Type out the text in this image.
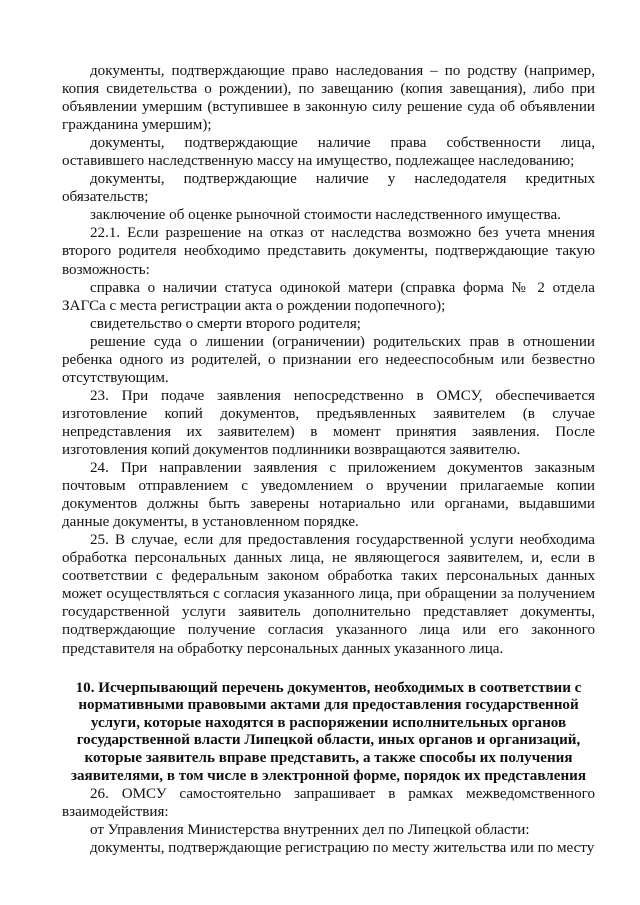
документы, подтверждающие право наследования – по родству (например, копия свидетельства о рождении), по завещанию (копия завещания), либо при объявлении умершим (вступившее в законную силу решение суда об объявлении гражданина умершим);

документы, подтверждающие наличие права собственности лица, оставившего наследственную массу на имущество, подлежащее наследованию;

документы, подтверждающие наличие у наследодателя кредитных обязательств;

заключение об оценке рыночной стоимости наследственного имущества.

22.1. Если разрешение на отказ от наследства возможно без учета мнения второго родителя необходимо представить документы, подтверждающие такую возможность:

справка о наличии статуса одинокой матери (справка форма № 2 отдела ЗАГСа с места регистрации акта о рождении подопечного);

свидетельство о смерти второго родителя;

решение суда о лишении (ограничении) родительских прав в отношении ребенка одного из родителей, о признании его недееспособным или безвестно отсутствующим.

23. При подаче заявления непосредственно в ОМСУ, обеспечивается изготовление копий документов, предъявленных заявителем (в случае непредставления их заявителем) в момент принятия заявления. После изготовления копий документов подлинники возвращаются заявителю.

24. При направлении заявления с приложением документов заказным почтовым отправлением с уведомлением о вручении прилагаемые копии документов должны быть заверены нотариально или органами, выдавшими данные документы, в установленном порядке.

25. В случае, если для предоставления государственной услуги необходима обработка персональных данных лица, не являющегося заявителем, и, если в соответствии с федеральным законом обработка таких персональных данных может осуществляться с согласия указанного лица, при обращении за получением государственной услуги заявитель дополнительно представляет документы, подтверждающие получение согласия указанного лица или его законного представителя на обработку персональных данных указанного лица.

10. Исчерпывающий перечень документов, необходимых в соответствии с нормативными правовыми актами для предоставления государственной услуги, которые находятся в распоряжении исполнительных органов государственной власти Липецкой области, иных органов и организаций, которые заявитель вправе представить, а также способы их получения заявителями, в том числе в электронной форме, порядок их представления

26. ОМСУ самостоятельно запрашивает в рамках межведомственного взаимодействия:

от Управления Министерства внутренних дел по Липецкой области:

документы, подтверждающие регистрацию по месту жительства или по месту
